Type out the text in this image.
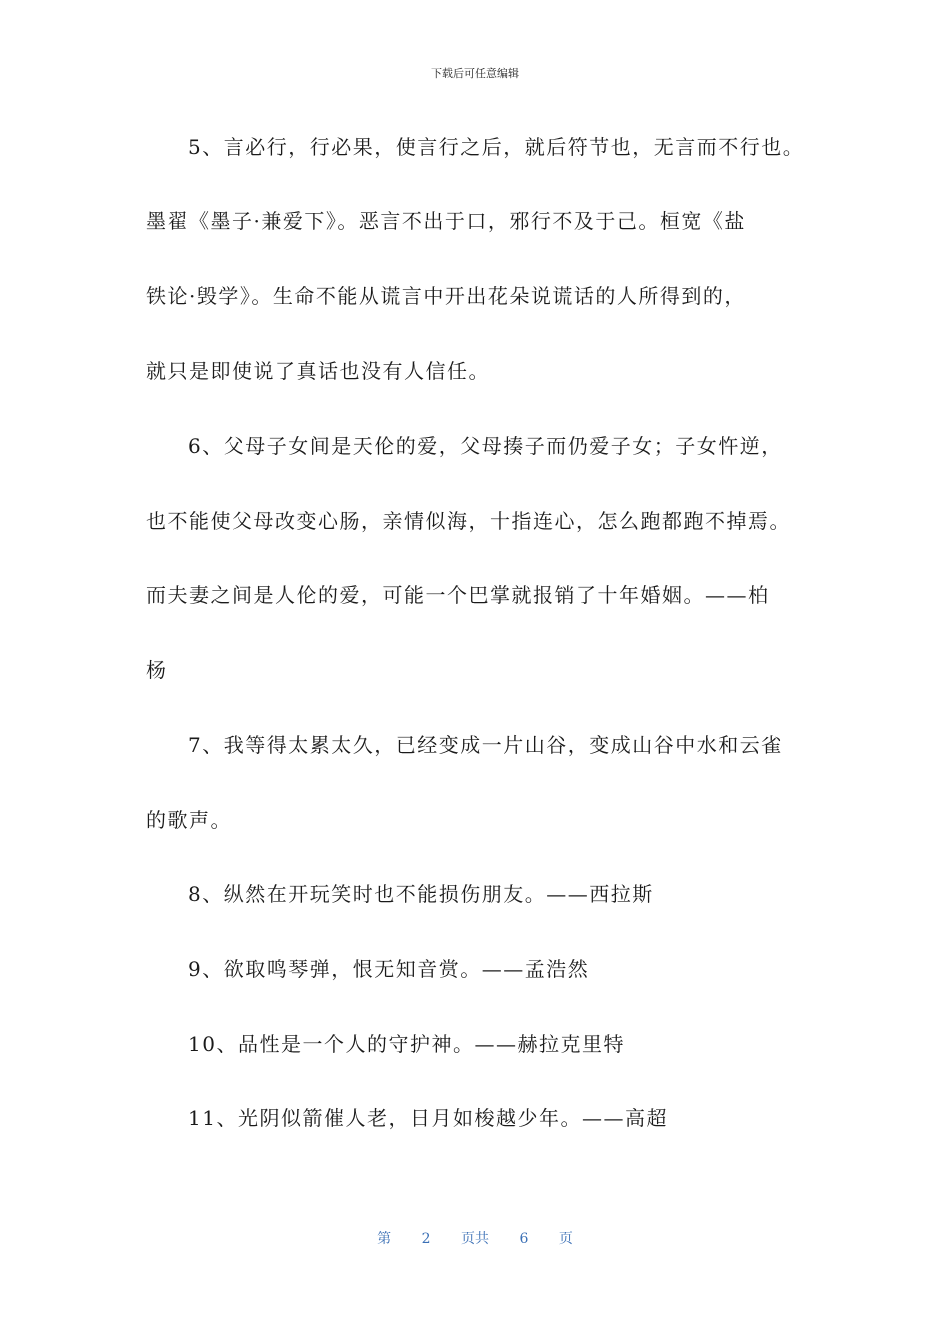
下载后可任意编辑
5、言必行，行必果，使言行之后，就后符节也，无言而不行也。
墨翟《墨子·兼爱下》。恶言不出于口，邪行不及于己。桓宽《盐
铁论·毁学》。生命不能从谎言中开出花朵说谎话的人所得到的，
就只是即使说了真话也没有人信任。
6、父母子女间是天伦的爱，父母揍子而仍爱子女；子女忤逆，
也不能使父母改变心肠，亲情似海，十指连心，怎么跑都跑不掉焉。
而夫妻之间是人伦的爱，可能一个巴掌就报销了十年婚姻。——柏
杨
7、我等得太累太久，已经变成一片山谷，变成山谷中水和云雀
的歌声。
8、纵然在开玩笑时也不能损伤朋友。——西拉斯
9、欲取鸣琴弹，恨无知音赏。——孟浩然
10、品性是一个人的守护神。——赫拉克里特
11、光阴似箭催人老，日月如梭越少年。——高超
第 2 页共 6 页
